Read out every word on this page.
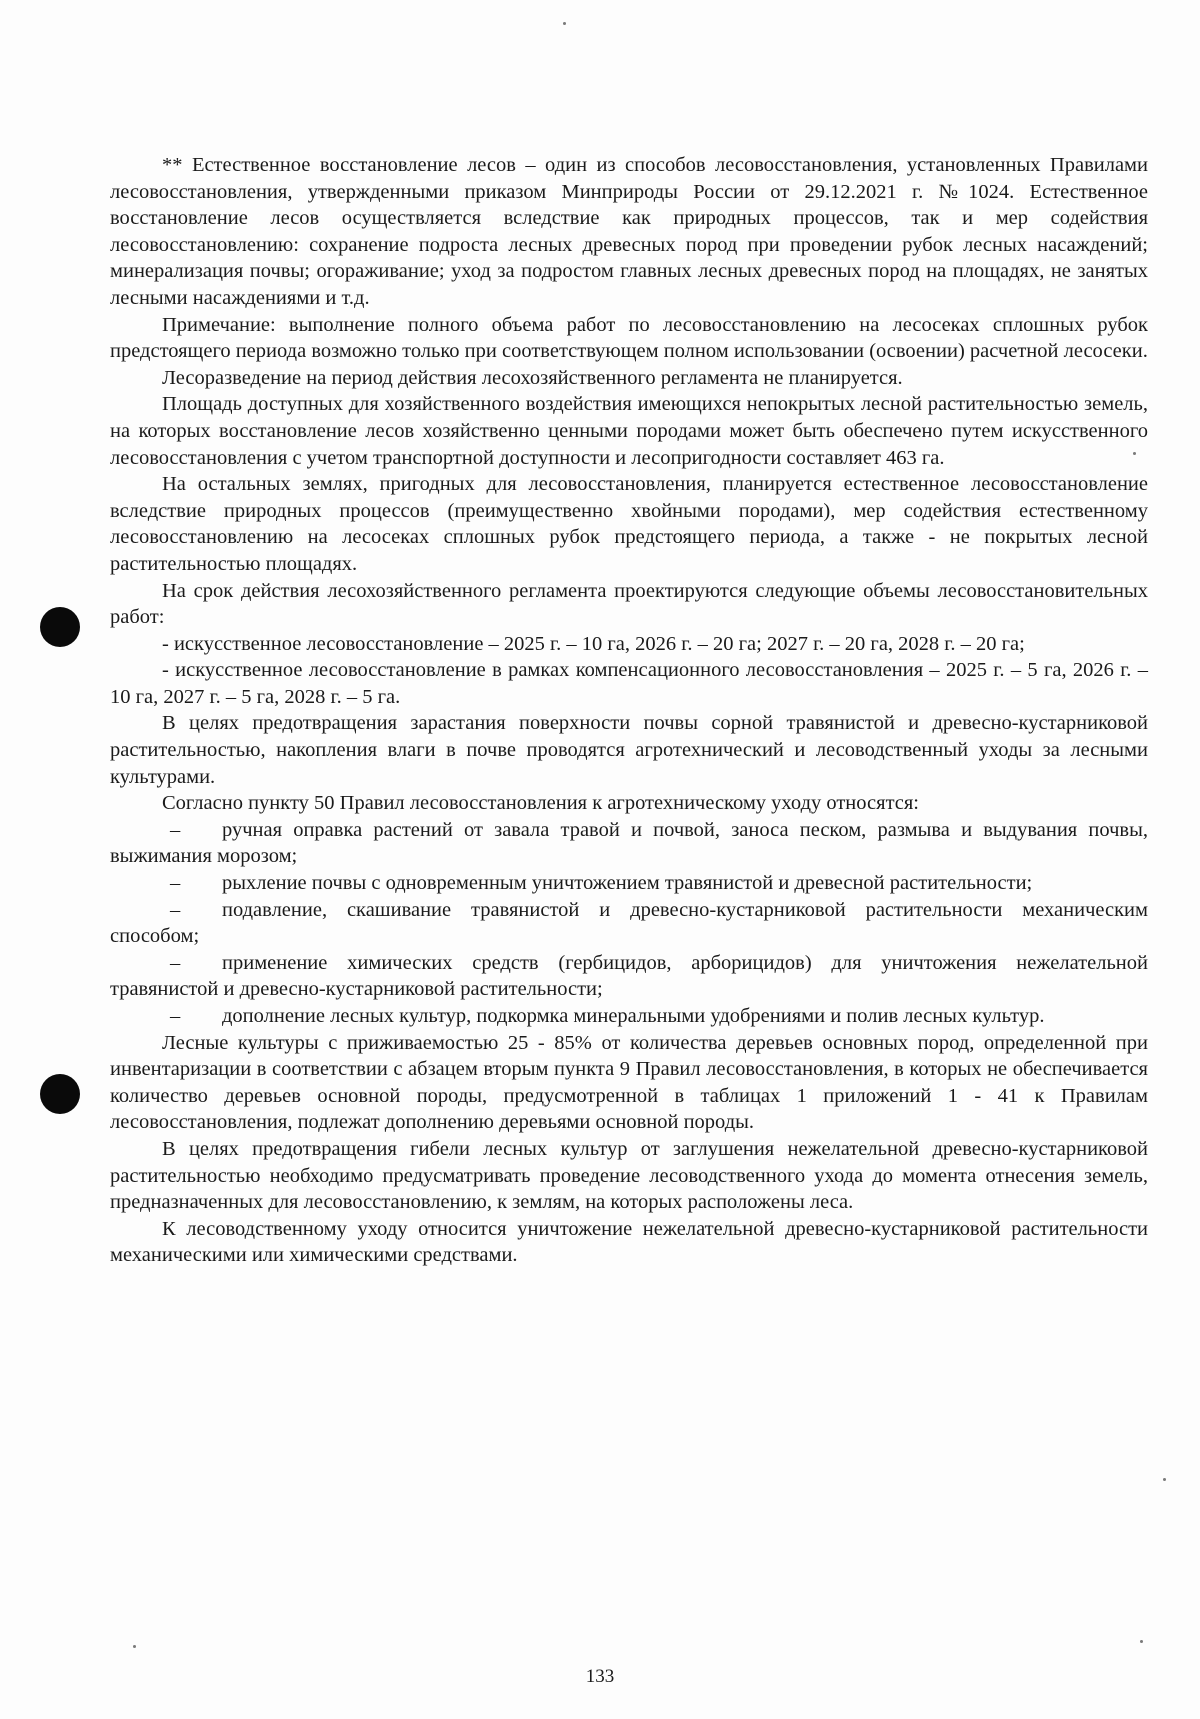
** Естественное восстановление лесов – один из способов лесовосстановления, установленных Правилами лесовосстановления, утвержденными приказом Минприроды России от 29.12.2021 г. №1024. Естественное восстановление лесов осуществляется вследствие как природных процессов, так и мер содействия лесовосстановлению: сохранение подроста лесных древесных пород при проведении рубок лесных насаждений; минерализация почвы; огораживание; уход за подростом главных лесных древесных пород на площадях, не занятых лесными насаждениями и т.д.

Примечание: выполнение полного объема работ по лесовосстановлению на лесосеках сплошных рубок предстоящего периода возможно только при соответствующем полном использовании (освоении) расчетной лесосеки.

Лесоразведение на период действия лесохозяйственного регламента не планируется.

Площадь доступных для хозяйственного воздействия имеющихся непокрытых лесной растительностью земель, на которых восстановление лесов хозяйственно ценными породами может быть обеспечено путем искусственного лесовосстановления с учетом транспортной доступности и лесопригодности составляет 463 га.

На остальных землях, пригодных для лесовосстановления, планируется естественное лесовосстановление вследствие природных процессов (преимущественно хвойными породами), мер содействия естественному лесовосстановлению на лесосеках сплошных рубок предстоящего периода, а также - не покрытых лесной растительностью площадях.

На срок действия лесохозяйственного регламента проектируются следующие объемы лесовосстановительных работ:

- искусственное лесовосстановление – 2025 г. – 10 га, 2026 г. – 20 га; 2027 г. – 20 га, 2028 г. – 20 га;

- искусственное лесовосстановление в рамках компенсационного лесовосстановления – 2025 г. – 5 га, 2026 г. – 10 га, 2027 г. – 5 га, 2028 г. – 5 га.

В целях предотвращения зарастания поверхности почвы сорной травянистой и древесно-кустарниковой растительностью, накопления влаги в почве проводятся агротехнический и лесоводственный уходы за лесными культурами.

Согласно пункту 50 Правил лесовосстановления к агротехническому уходу относятся:

– ручная оправка растений от завала травой и почвой, заноса песком, размыва и выдувания почвы, выжимания морозом;

– рыхление почвы с одновременным уничтожением травянистой и древесной растительности;

– подавление, скашивание травянистой и древесно-кустарниковой растительности механическим способом;

– применение химических средств (гербицидов, арборицидов) для уничтожения нежелательной травянистой и древесно-кустарниковой растительности;

– дополнение лесных культур, подкормка минеральными удобрениями и полив лесных культур.

Лесные культуры с приживаемостью 25 - 85% от количества деревьев основных пород, определенной при инвентаризации в соответствии с абзацем вторым пункта 9 Правил лесовосстановления, в которых не обеспечивается количество деревьев основной породы, предусмотренной в таблицах 1 приложений 1 - 41 к Правилам лесовосстановления, подлежат дополнению деревьями основной породы.

В целях предотвращения гибели лесных культур от заглушения нежелательной древесно-кустарниковой растительностью необходимо предусматривать проведение лесоводственного ухода до момента отнесения земель, предназначенных для лесовосстановлению, к землям, на которых расположены леса.

К лесоводственному уходу относится уничтожение нежелательной древесно-кустарниковой растительности механическими или химическими средствами.

133
